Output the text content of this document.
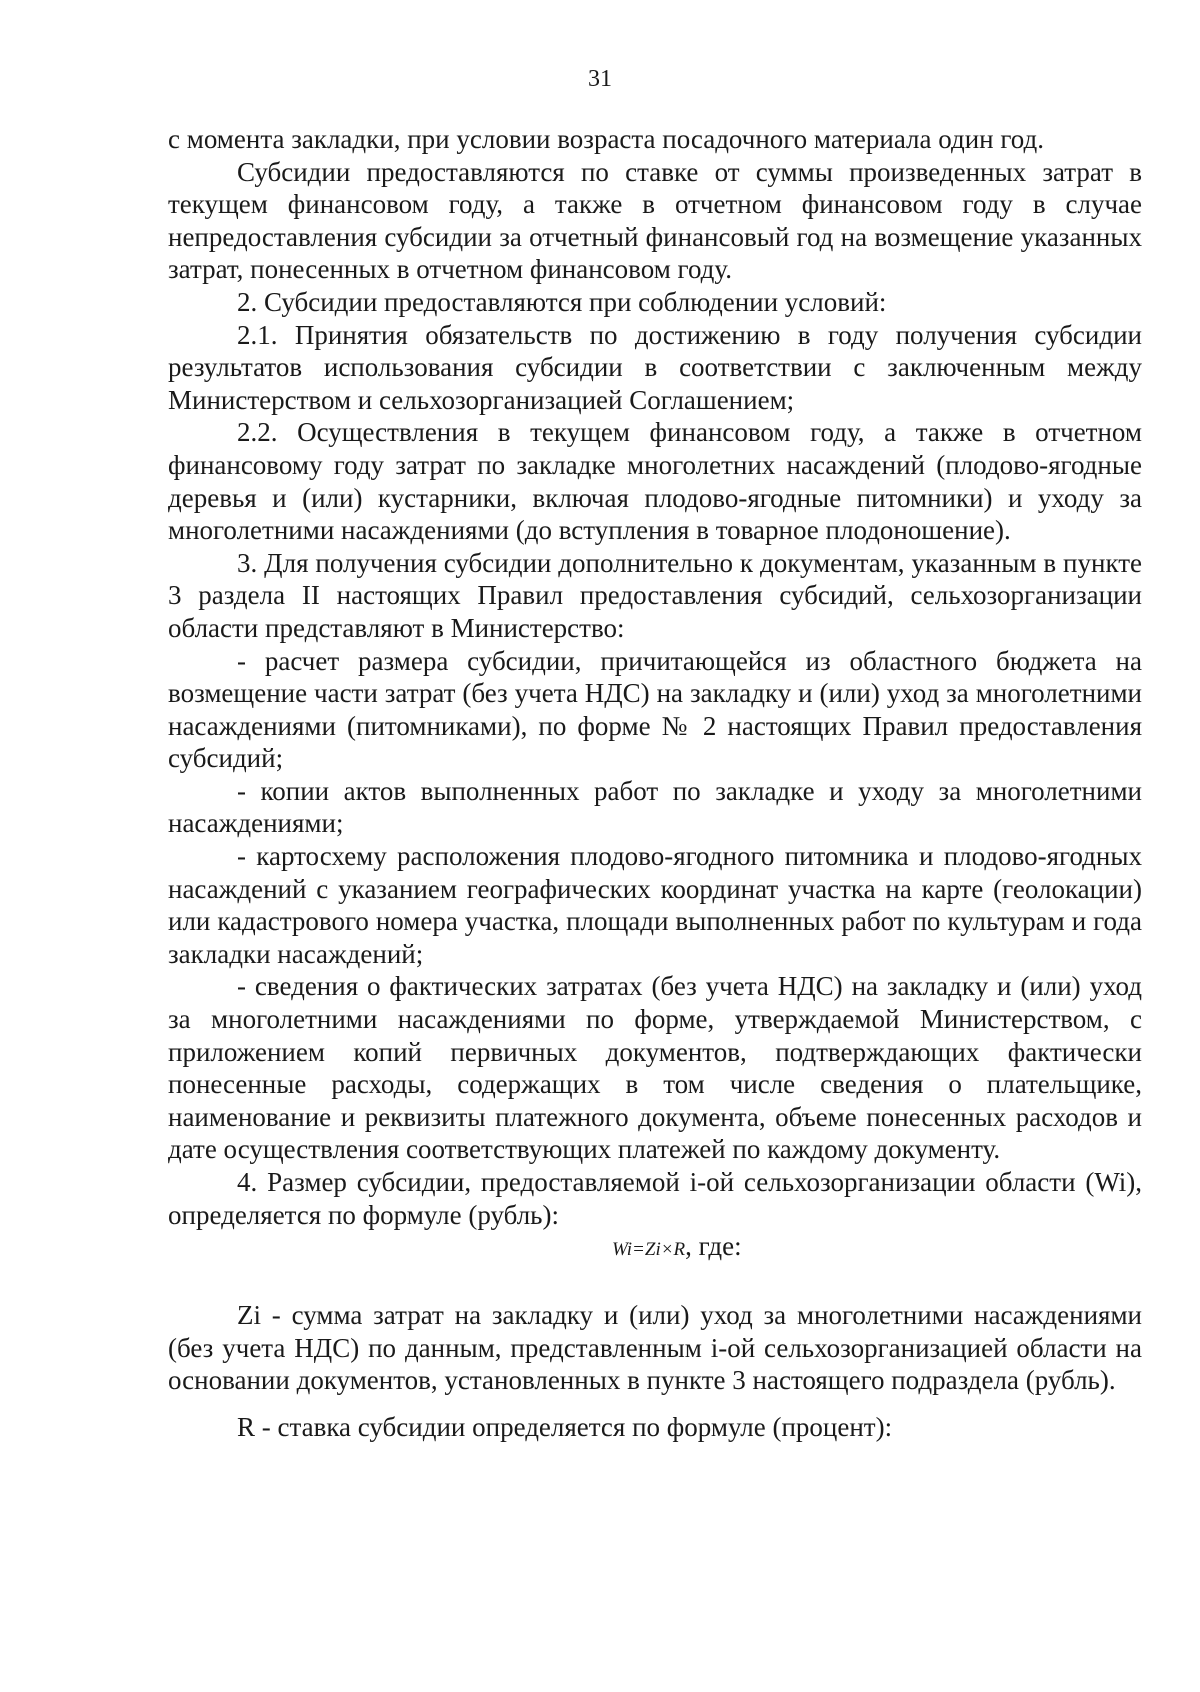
31

с момента закладки, при условии возраста посадочного материала один год.

Субсидии предоставляются по ставке от суммы произведенных затрат в текущем финансовом году, а также в отчетном финансовом году в случае непредоставления субсидии за отчетный финансовый год на возмещение указанных затрат, понесенных в отчетном финансовом году.

2. Субсидии предоставляются при соблюдении условий:

2.1. Принятия обязательств по достижению в году получения субсидии результатов использования субсидии в соответствии с заключенным между Министерством и сельхозорганизацией Соглашением;

2.2. Осуществления в текущем финансовом году, а также в отчетном финансовому году затрат по закладке многолетних насаждений (плодово-ягодные деревья и (или) кустарники, включая плодово-ягодные питомники) и уходу за многолетними насаждениями (до вступления в товарное плодоношение).

3. Для получения субсидии дополнительно к документам, указанным в пункте 3 раздела II настоящих Правил предоставления субсидий, сельхозорганизации области представляют в Министерство:

- расчет размера субсидии, причитающейся из областного бюджета на возмещение части затрат (без учета НДС) на закладку и (или) уход за многолетними насаждениями (питомниками), по форме № 2 настоящих Правил предоставления субсидий;

- копии актов выполненных работ по закладке и уходу за многолетними насаждениями;

- картосхему расположения плодово-ягодного питомника и плодово-ягодных насаждений с указанием географических координат участка на карте (геолокации) или кадастрового номера участка, площади выполненных работ по культурам и года закладки насаждений;

- сведения о фактических затратах (без учета НДС) на закладку и (или) уход за многолетними насаждениями по форме, утверждаемой Министерством, с приложением копий первичных документов, подтверждающих фактически понесенные расходы, содержащих в том числе сведения о плательщике, наименование и реквизиты платежного документа, объеме понесенных расходов и дате осуществления соответствующих платежей по каждому документу.

4. Размер субсидии, предоставляемой i-ой сельхозорганизации области (Wi), определяется по формуле (рубль):

Wi=Zi×R, где:

Zi - сумма затрат на закладку и (или) уход за многолетними насаждениями (без учета НДС) по данным, представленным i-ой сельхозорганизацией области на основании документов, установленных в пункте 3 настоящего подраздела (рубль).

R - ставка субсидии определяется по формуле (процент):
